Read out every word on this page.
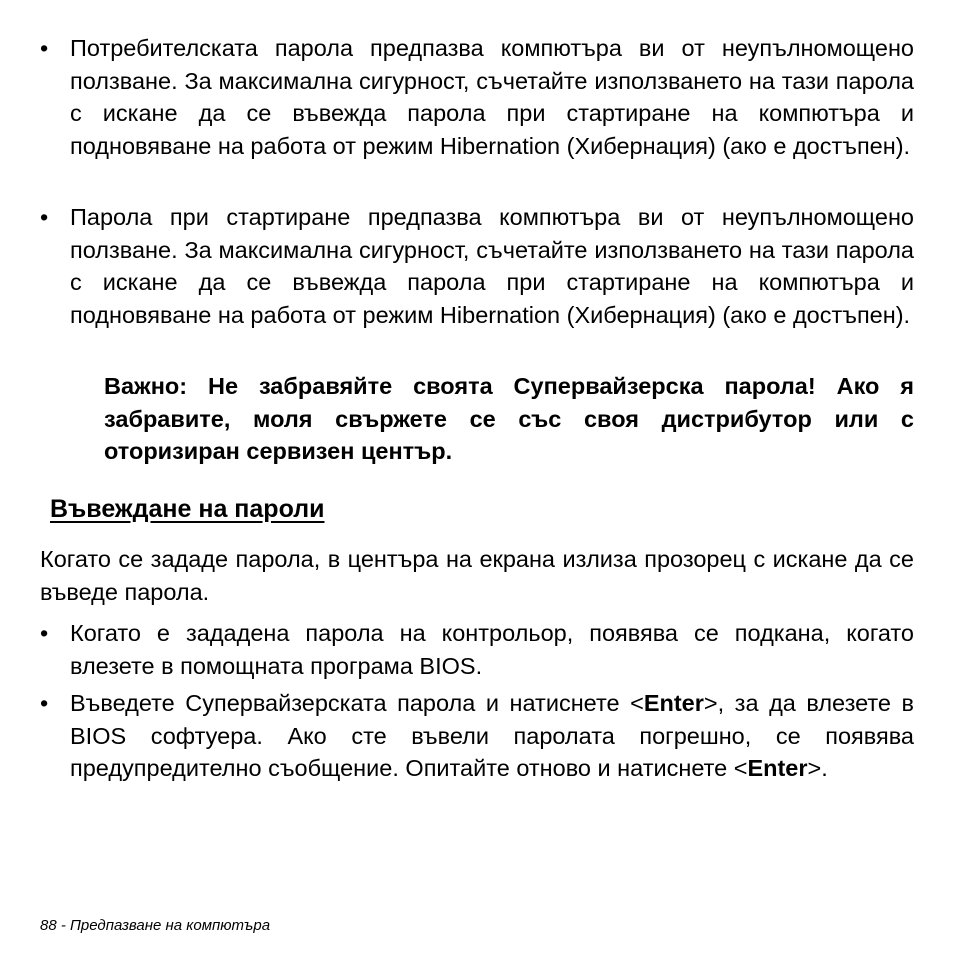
• Потребителската парола предпазва компютъра ви от неупълномощено ползване. За максимална сигурност, съчетайте използването на тази парола с искане да се въвежда парола при стартиране на компютъра и подновяване на работа от режим Hibernation (Хибернация) (ако е достъпен).
• Парола при стартиране предпазва компютъра ви от неупълномощено ползване. За максимална сигурност, съчетайте използването на тази парола с искане да се въвежда парола при стартиране на компютъра и подновяване на работа от режим Hibernation (Хибернация) (ако е достъпен).
Важно: Не забравяйте своята Супервайзерска парола! Ако я забравите, моля свържете се със своя дистрибутор или с оторизиран сервизен център.
Въвеждане на пароли
Когато се зададе парола, в центъра на екрана излиза прозорец с искане да се въведе парола.
• Когато е зададена парола на контрольор, появява се подкана, когато влезете в помощната програма BIOS.
• Въведете Супервайзерската парола и натиснете <Enter>, за да влезете в BIOS софтуера. Ако сте въвели паролата погрешно, се появява предупредително съобщение. Опитайте отново и натиснете <Enter>.
88 - Предпазване на компютъра
